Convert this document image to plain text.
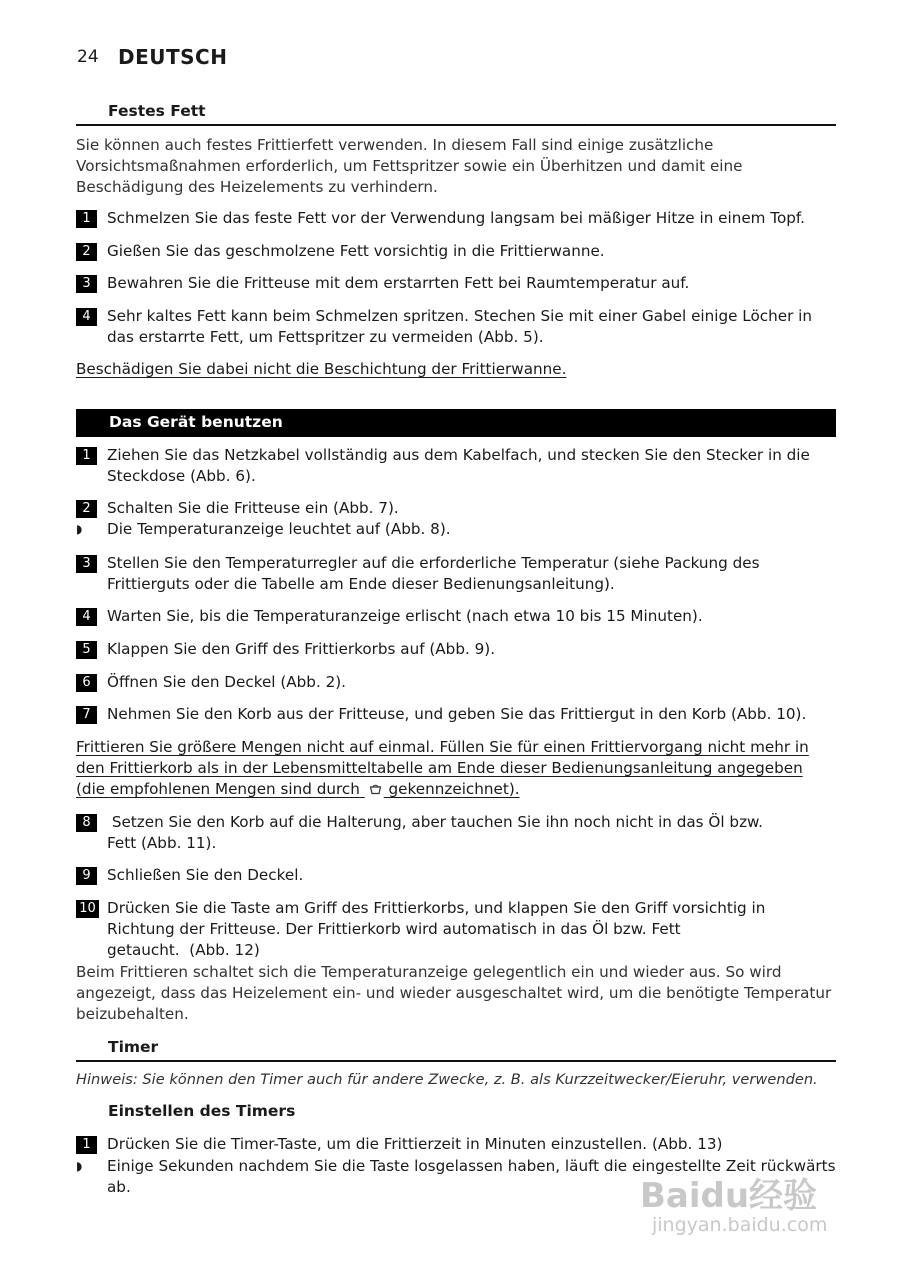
24 DEUTSCH
Festes Fett
Sie können auch festes Frittierfett verwenden. In diesem Fall sind einige zusätzliche
Vorsichtsmaßnahmen erforderlich, um Fettspritzer sowie ein Überhitzen und damit eine
Beschädigung des Heizelements zu verhindern.
1	Schmelzen Sie das feste Fett vor der Verwendung langsam bei mäßiger Hitze in einem Topf.
2	Gießen Sie das geschmolzene Fett vorsichtig in die Frittierwanne.
3	Bewahren Sie die Fritteuse mit dem erstarrten Fett bei Raumtemperatur auf.
4	Sehr kaltes Fett kann beim Schmelzen spritzen. Stechen Sie mit einer Gabel einige Löcher in
das erstarrte Fett, um Fettspritzer zu vermeiden (Abb. 5).
Beschädigen Sie dabei nicht die Beschichtung der Frittierwanne.
Das Gerät benutzen
1	Ziehen Sie das Netzkabel vollständig aus dem Kabelfach, und stecken Sie den Stecker in die
Steckdose (Abb. 6).
2	Schalten Sie die Fritteuse ein (Abb. 7).
◗ Die Temperaturanzeige leuchtet auf (Abb. 8).
3	Stellen Sie den Temperaturregler auf die erforderliche Temperatur (siehe Packung des
Frittierguts oder die Tabelle am Ende dieser Bedienungsanleitung).
4	Warten Sie, bis die Temperaturanzeige erlischt (nach etwa 10 bis 15 Minuten).
5	Klappen Sie den Griff des Frittierkorbs auf (Abb. 9).
6	Öffnen Sie den Deckel (Abb. 2).
7	Nehmen Sie den Korb aus der Fritteuse, und geben Sie das Frittiergut in den Korb (Abb. 10).
Frittieren Sie größere Mengen nicht auf einmal. Füllen Sie für einen Frittiervorgang nicht mehr in
den Frittierkorb als in der Lebensmitteltabelle am Ende dieser Bedienungsanleitung angegeben
(die empfohlenen Mengen sind durch gekennzeichnet).
8	Setzen Sie den Korb auf die Halterung, aber tauchen Sie ihn noch nicht in das Öl bzw.
Fett (Abb. 11).
9	Schließen Sie den Deckel.
10 Drücken Sie die Taste am Griff des Frittierkorbs, und klappen Sie den Griff vorsichtig in
Richtung der Fritteuse. Der Frittierkorb wird automatisch in das Öl bzw. Fett
getaucht.  (Abb. 12)
Beim Frittieren schaltet sich die Temperaturanzeige gelegentlich ein und wieder aus. So wird
angezeigt, dass das Heizelement ein- und wieder ausgeschaltet wird, um die benötigte Temperatur
beizubehalten.
Timer
Hinweis: Sie können den Timer auch für andere Zwecke, z. B. als Kurzzeitwecker/Eieruhr, verwenden.
Einstellen des Timers
1	Drücken Sie die Timer-Taste, um die Frittierzeit in Minuten einzustellen. (Abb. 13)
◗ Einige Sekunden nachdem Sie die Taste losgelassen haben, läuft die eingestellte Zeit rückwärts
ab.	Baidu经验
jingyan.baidu.com
